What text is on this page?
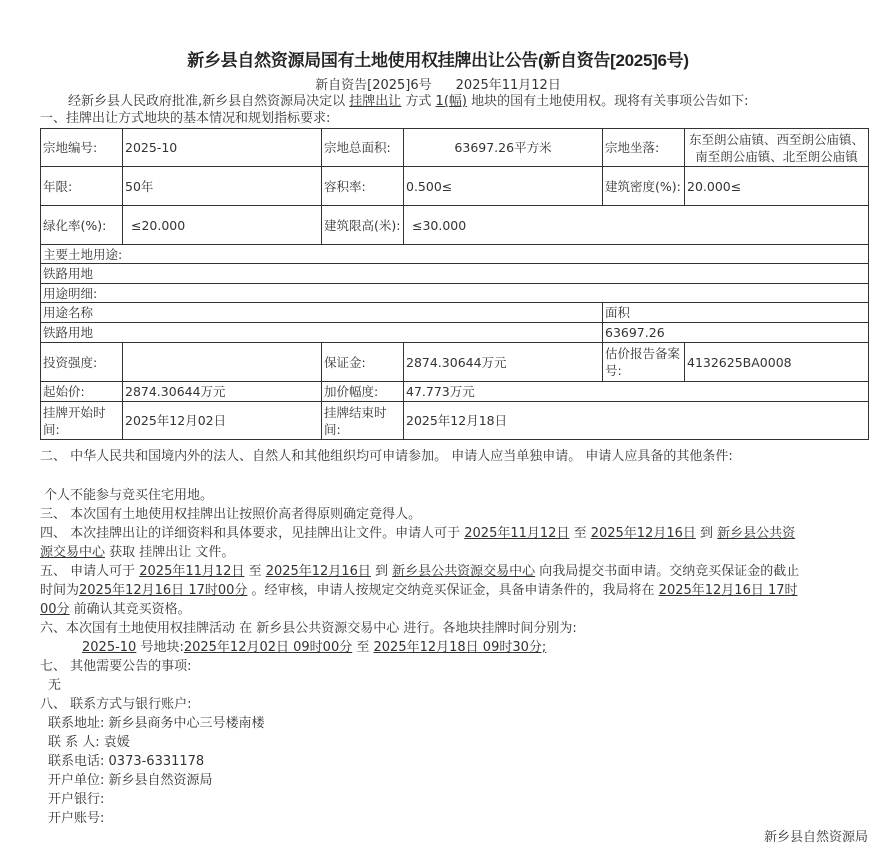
新乡县自然资源局国有土地使用权挂牌出让公告(新自资告[2025]6号)
新自资告[2025]6号 2025年11月12日
经新乡县人民政府批准,新乡县自然资源局决定以 挂牌出让 方式 1(幅) 地块的国有土地使用权。现将有关事项公告如下:
一、挂牌出让方式地块的基本情况和规划指标要求:
宗地编号:	2025-10	宗地总面积:	63697.26平方米	宗地坐落:	东至朗公庙镇、西至朗公庙镇、南至朗公庙镇、北至朗公庙镇
年限:	50年	容积率:	0.500≤	建筑密度(%):	20.000≤
绿化率(%):	≤20.000	建筑限高(米):	≤30.000		
主要土地用途:					
铁路用地					
用途明细:					
用途名称				面积	
铁路用地				63697.26	
投资强度:		保证金:	2874.30644万元	估价报告备案号:	4132625BA0008
起始价:	2874.30644万元	加价幅度:	47.773万元		
挂牌开始时间:	2025年12月02日	挂牌结束时间:	2025年12月18日		
二、 中华人民共和国境内外的法人、自然人和其他组织均可申请参加。 申请人应当单独申请。 申请人应具备的其他条件:
个人不能参与竞买住宅用地。
三、 本次国有土地使用权挂牌出让按照价高者得原则确定竟得人。
四、 本次挂牌出让的详细资料和具体要求，见挂牌出让文件。申请人可于 2025年11月12日 至 2025年12月16日 到 新乡县公共资
源交易中心 获取 挂牌出让 文件。
五、 申请人可于 2025年11月12日 至 2025年12月16日 到 新乡县公共资源交易中心 向我局提交书面申请。交纳竞买保证金的截止
时间为2025年12月16日 17时00分 。经审核，申请人按规定交纳竞买保证金，具备申请条件的，我局将在 2025年12月16日 17时
00分 前确认其竞买资格。
六、本次国有土地使用权挂牌活动 在 新乡县公共资源交易中心 进行。各地块挂牌时间分别为:
2025-10 号地块:2025年12月02日 09时00分 至 2025年12月18日 09时30分;
七、 其他需要公告的事项:
无
八、 联系方式与银行账户:
联系地址: 新乡县商务中心三号楼南楼
联 系 人: 袁媛
联系电话: 0373-6331178
开户单位: 新乡县自然资源局
开户银行:
开户账号:
新乡县自然资源局
